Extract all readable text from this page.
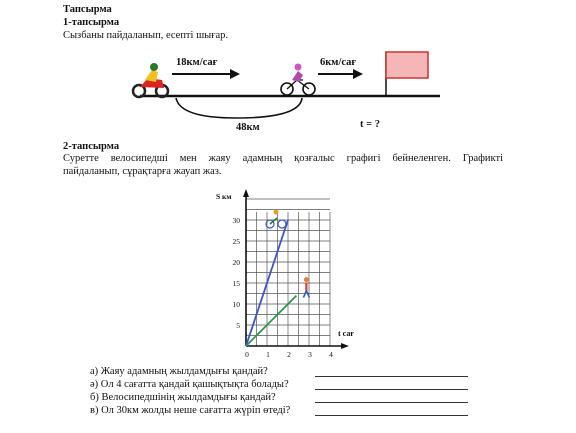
Тапсырма
1-тапсырма
Сызбаны пайдаланып, есепті шығар.
18км/сағ	6км/сағ
48км	t = ?
2-тапсырма
Суретте велосипедші мен жаяу адамның қозғалыс графигі бейнеленген. Графикті
пайдаланып, сұрақтарға жауап жаз.
5
10
15
20
25
30
0 1 2 3 4
S км
t сағ
а) Жаяу адамның жылдамдығы қандай?
ә) Ол 4 сағатта қандай қашықтықта болады?
б) Велосипедшінің жылдамдығы қандай?
в) Ол 30км жолды неше сағатта жүріп өтеді?
